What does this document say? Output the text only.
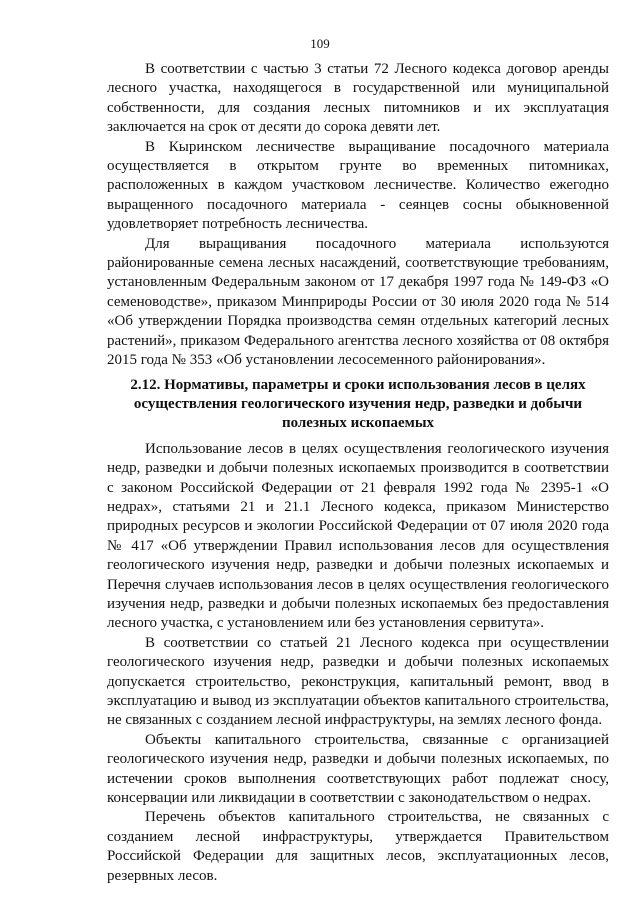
109

В соответствии с частью 3 статьи 72 Лесного кодекса договор аренды лесного участка, находящегося в государственной или муниципальной собственности, для создания лесных питомников и их эксплуатация заключается на срок от десяти до сорока девяти лет.

В Кыринском лесничестве выращивание посадочного материала осуществляется в открытом грунте во временных питомниках, расположенных в каждом участковом лесничестве. Количество ежегодно выращенного посадочного материала - сеянцев сосны обыкновенной удовлетворяет потребность лесничества.

Для выращивания посадочного материала используются районированные семена лесных насаждений, соответствующие требованиям, установленным Федеральным законом от 17 декабря 1997 года № 149-ФЗ «О семеноводстве», приказом Минприроды России от 30 июля 2020 года № 514 «Об утверждении Порядка производства семян отдельных категорий лесных растений», приказом Федерального агентства лесного хозяйства от 08 октября 2015 года № 353 «Об установлении лесосеменного районирования».

2.12. Нормативы, параметры и сроки использования лесов в целях осуществления геологического изучения недр, разведки и добычи полезных ископаемых

Использование лесов в целях осуществления геологического изучения недр, разведки и добычи полезных ископаемых производится в соответствии с законом Российской Федерации от 21 февраля 1992 года № 2395-1 «О недрах», статьями 21 и 21.1 Лесного кодекса, приказом Министерство природных ресурсов и экологии Российской Федерации от 07 июля 2020 года № 417 «Об утверждении Правил использования лесов для осуществления геологического изучения недр, разведки и добычи полезных ископаемых и Перечня случаев использования лесов в целях осуществления геологического изучения недр, разведки и добычи полезных ископаемых без предоставления лесного участка, с установлением или без установления сервитута».

В соответствии со статьей 21 Лесного кодекса при осуществлении геологического изучения недр, разведки и добычи полезных ископаемых допускается строительство, реконструкция, капитальный ремонт, ввод в эксплуатацию и вывод из эксплуатации объектов капитального строительства, не связанных с созданием лесной инфраструктуры, на землях лесного фонда.

Объекты капитального строительства, связанные с организацией геологического изучения недр, разведки и добычи полезных ископаемых, по истечении сроков выполнения соответствующих работ подлежат сносу, консервации или ликвидации в соответствии с законодательством о недрах.

Перечень объектов капитального строительства, не связанных с созданием лесной инфраструктуры, утверждается Правительством Российской Федерации для защитных лесов, эксплуатационных лесов, резервных лесов.
